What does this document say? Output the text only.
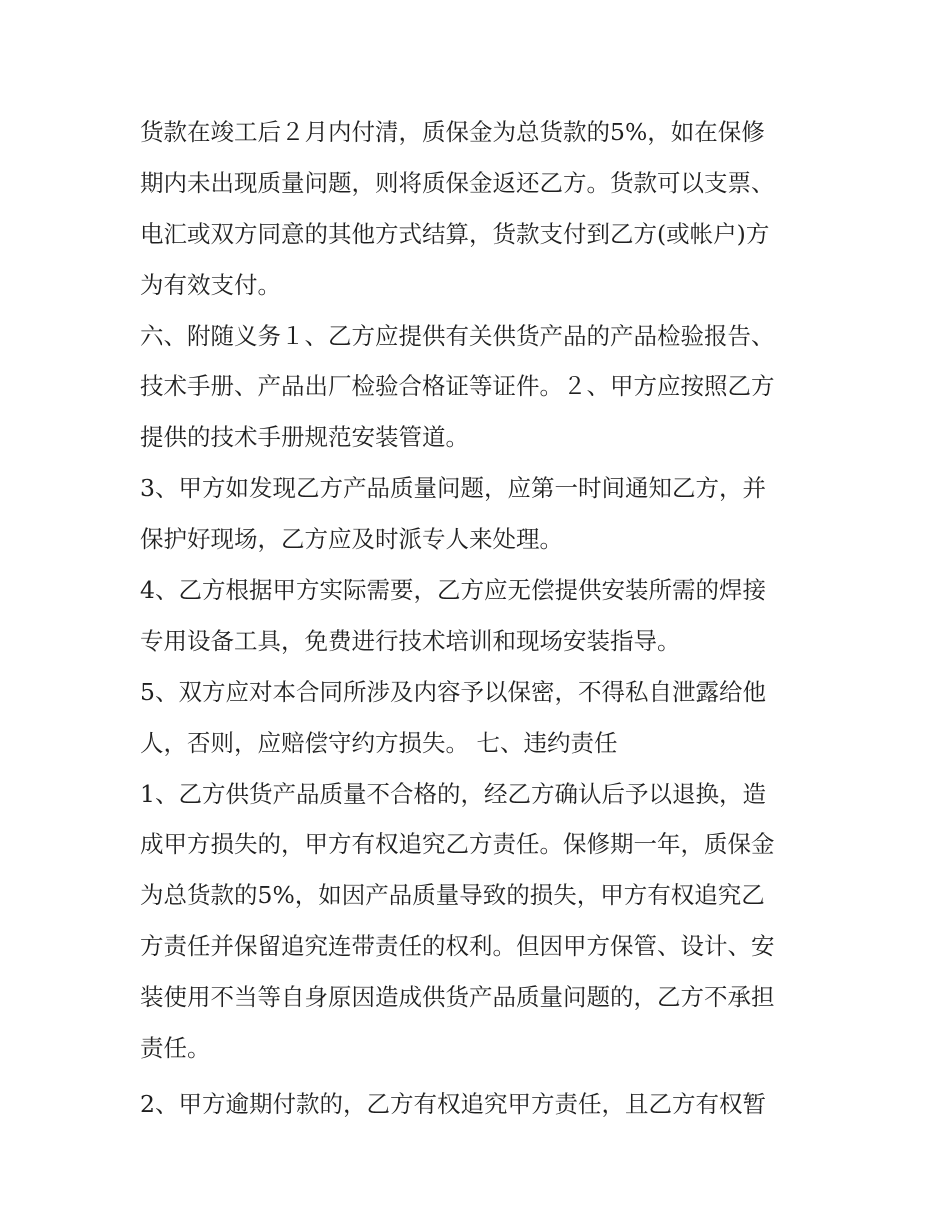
货款在竣工后２月内付清，质保金为总货款的5%，如在保修
期内未出现质量问题，则将质保金返还乙方。货款可以支票、
电汇或双方同意的其他方式结算，货款支付到乙方(或帐户)方
为有效支付。
六、附随义务１、乙方应提供有关供货产品的产品检验报告、
技术手册、产品出厂检验合格证等证件。２、甲方应按照乙方
提供的技术手册规范安装管道。
3、甲方如发现乙方产品质量问题，应第一时间通知乙方，并
保护好现场，乙方应及时派专人来处理。
4、乙方根据甲方实际需要，乙方应无偿提供安装所需的焊接
专用设备工具，免费进行技术培训和现场安装指导。
5、双方应对本合同所涉及内容予以保密，不得私自泄露给他
人，否则，应赔偿守约方损失。 七、违约责任
1、乙方供货产品质量不合格的，经乙方确认后予以退换，造
成甲方损失的，甲方有权追究乙方责任。保修期一年，质保金
为总货款的5%，如因产品质量导致的损失，甲方有权追究乙
方责任并保留追究连带责任的权利。但因甲方保管、设计、安
装使用不当等自身原因造成供货产品质量问题的，乙方不承担
责任。
2、甲方逾期付款的，乙方有权追究甲方责任，且乙方有权暂
